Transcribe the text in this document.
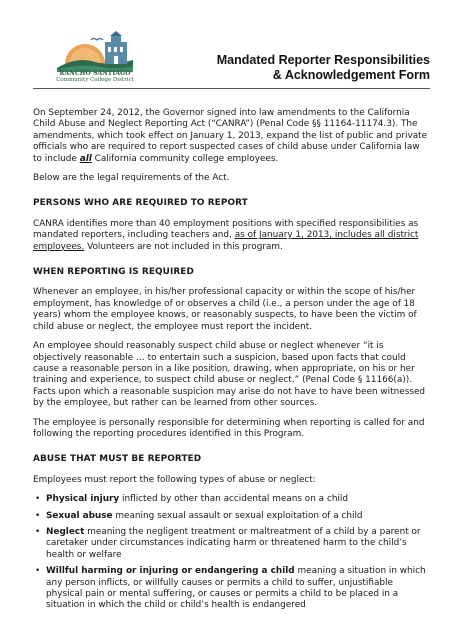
RANCHO SANTIAGO
Community College District
Mandated Reporter Responsibilities
& Acknowledgement Form

On September 24, 2012, the Governor signed into law amendments to the California Child Abuse and Neglect Reporting Act (“CANRA”) (Penal Code §§ 11164-11174.3). The amendments, which took effect on January 1, 2013, expand the list of public and private officials who are required to report suspected cases of child abuse under California law to include all California community college employees.

Below are the legal requirements of the Act.

PERSONS WHO ARE REQUIRED TO REPORT

CANRA identifies more than 40 employment positions with specified responsibilities as mandated reporters, including teachers and, as of January 1, 2013, includes all district employees. Volunteers are not included in this program.

WHEN REPORTING IS REQUIRED

Whenever an employee, in his/her professional capacity or within the scope of his/her employment, has knowledge of or observes a child (i.e., a person under the age of 18 years) whom the employee knows, or reasonably suspects, to have been the victim of child abuse or neglect, the employee must report the incident.

An employee should reasonably suspect child abuse or neglect whenever “it is objectively reasonable … to entertain such a suspicion, based upon facts that could cause a reasonable person in a like position, drawing, when appropriate, on his or her training and experience, to suspect child abuse or neglect.” (Penal Code § 11166(a)). Facts upon which a reasonable suspicion may arise do not have to have been witnessed by the employee, but rather can be learned from other sources.

The employee is personally responsible for determining when reporting is called for and following the reporting procedures identified in this Program.

ABUSE THAT MUST BE REPORTED

Employees must report the following types of abuse or neglect:

• Physical injury inflicted by other than accidental means on a child
• Sexual abuse meaning sexual assault or sexual exploitation of a child
• Neglect meaning the negligent treatment or maltreatment of a child by a parent or caretaker under circumstances indicating harm or threatened harm to the child’s health or welfare
• Willful harming or injuring or endangering a child meaning a situation in which any person inflicts, or willfully causes or permits a child to suffer, unjustifiable physical pain or mental suffering, or causes or permits a child to be placed in a situation in which the child or child’s health is endangered
